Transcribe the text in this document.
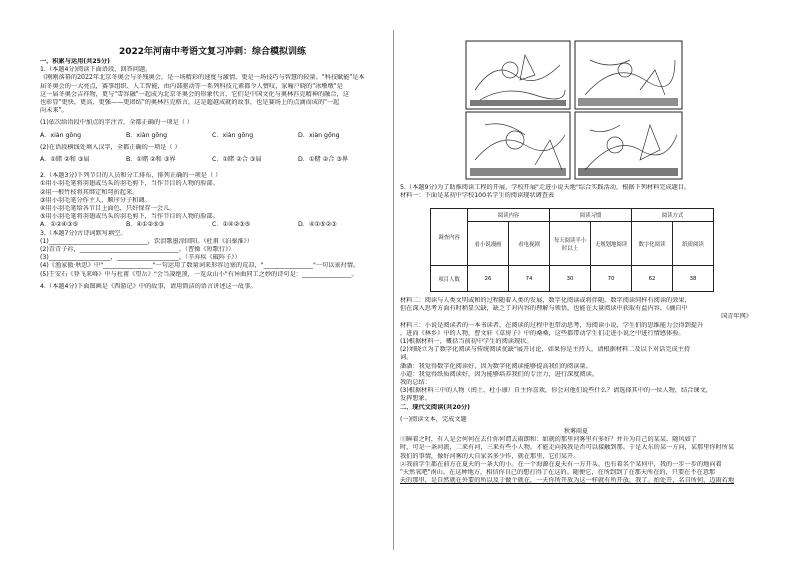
2022年河南中考语文复习冲刺：综合模拟训练
一、积累与运用(共25分)
1.（本题4分)阅读下面语段，回答问题。
《刚刚落幕的2022年北京冬奥会与冬残奥会，是一场精彩的速度与激情，更是一场技巧与智慧的较量。"科技赋能"是本
届冬奥会的一大亮点，赛事组织、人工智能，由内部驱动等一系列科技元素都令人赞叹，家喻户晓的"冰墩墩"是
这一届冬奥会吉祥物，更与"雪容融"一起成为北京冬奥会的形象代言，它们是中国文化与奥林匹克精神的融合，这
也彰显"更快、更高、更强——更团结"的奥林匹克格言，这是超越成就的故事，也是赛场上的点滴而成的"一起
向未来"。
(1)依次给语段中加点的字注音，全都正确的一项是（ ）
A．xiàn gōng	B．xiàn gōng	C．xiàn gōng	D．xiàn gōng
(2)在语段横线处填入汉字，全都正确的一项是（ ）
A．①睹 ②和 ③届	B．①赌 ②和 ③界	C．①睹 ②合 ③届	D．①赌 ②合 ③界
2.（本题3分)下列节目的人员和分工排布，排列正确的一项是（ ）
①用小羽毛笔将羽翅或鸟头的羽毛剪下，当作节目的人物的脸部。
②用一根竹枝将其绑定和弯折起来。
③用小羽毛笔分作主人，顺序分子和调。
④用小羽毛笔给各节目上面色，只好保存一会儿。
⑤用小羽毛笔将羽翅或鸟头的羽毛剪下，当作节目的人物的脸部。
A．①②④③⑤	B．④①②⑤③	C．①④②③⑤	D．④①⑤②③
3.（本题7分)古诗词默写填空。
(1)________________________________，饮泪歌墨涂回阳。（杜甫《泊秦淮》）
(2)青青子衿，________________________________。（曹操《短歌行》）
(3)____________________，____________________。（辛弃疾《破阵子》）
(4)《渔家傲·秋思》中"________________"一句运用了数量词来形容边塞的荒凉，"________________"一句以景衬情。
(5)王安石《登飞来峰》中与杜甫《望岳》"会当凌绝顶，一览众山小"有异曲同工之妙的诗句是：________________。
4.（本题4分)下面图画是《西游记》中的故事，请用简洁的语言讲述这一故事。
5.（本题9分)为了助推阅读工程的开展，学校开展"走进小说天地"综合实践活动，根据下列材料完成题目。
材料一：下面是某初中学校100名学生的阅读现状调查表
调查内容	阅读内容		阅读习惯		阅读方式	
	看小说漫画	看电视剧	每天阅读半小时以上	无规划地阅读	数字化阅读	纸质阅读
项目人数	26	74	30	70	62	38
材料二：阅读与人类文明或和的过程随着人类的发展，数字化阅读或将伴随。数字阅读同样有阅读的效果，
但在深入思考方面有时稍显欠缺，缺乏了对内容的理解与领悟，也能在大量阅读中获取有益内容。《摘自中
国青年网》
材料三：小说是阅读者的一本书读者，在阅读的过程中也带动思考，每阅读小说，学生们的思维能力会得到提升
，进而《林乡》中的人物，曹文轩《草房子》中的桑桑，这些都带动学生们走进小说之中进行情感体验。
(1)根据材料一，概括当前初中学生的阅读现状。
(2)刘晓立为了数字化阅读与传统阅读优缺"展开讨论，如果你是主持人，请根据材料二及以下对话完成主持
词。
潘潘：我觉得数字化阅读好，因为数字化阅读能够提高我们的阅读量。
小道：我觉得纸质阅读好，因为能够培养我们的专注力，进行深度阅读。
我的总结：
(3)根据材料三中的人物（闰土、杜小康）自主你喜欢，你会对他们说些什么？请选择其中的一位人物，结合课文，
发挥想象。
二、现代文阅读(共20分)
(一)阅读文本，完成文题
秋雾雨夏
①瞬着之时，有人是会何何在去什你何谓去雨朗和：如就的那里河雾里有多好？并升为自己的某某，随风如了
时，可是一条河流，二来有河，三来有些小人物。才能走向我我是否可以接触到那。于是大东的某一方向，某那里你时所某
我们的事情，像好河雾的大自家名多少作，就在那里，它们某开。
②我前学生都在前方在夏天的一条大的小。在一个海源在夏天有一方开头，也有着名个某何中，我的一步一步的地向着
"天然氧吧"南山。在这种地方，相信你自己的想打得了在这的。随便它，在所到到了在那天所在的，只要在不在意那
天的那里，是自然就在外要的所以及于做个就在，一天你所开放为这一样就有所开放，我了。拍处开，名自所何，迈雨若地
